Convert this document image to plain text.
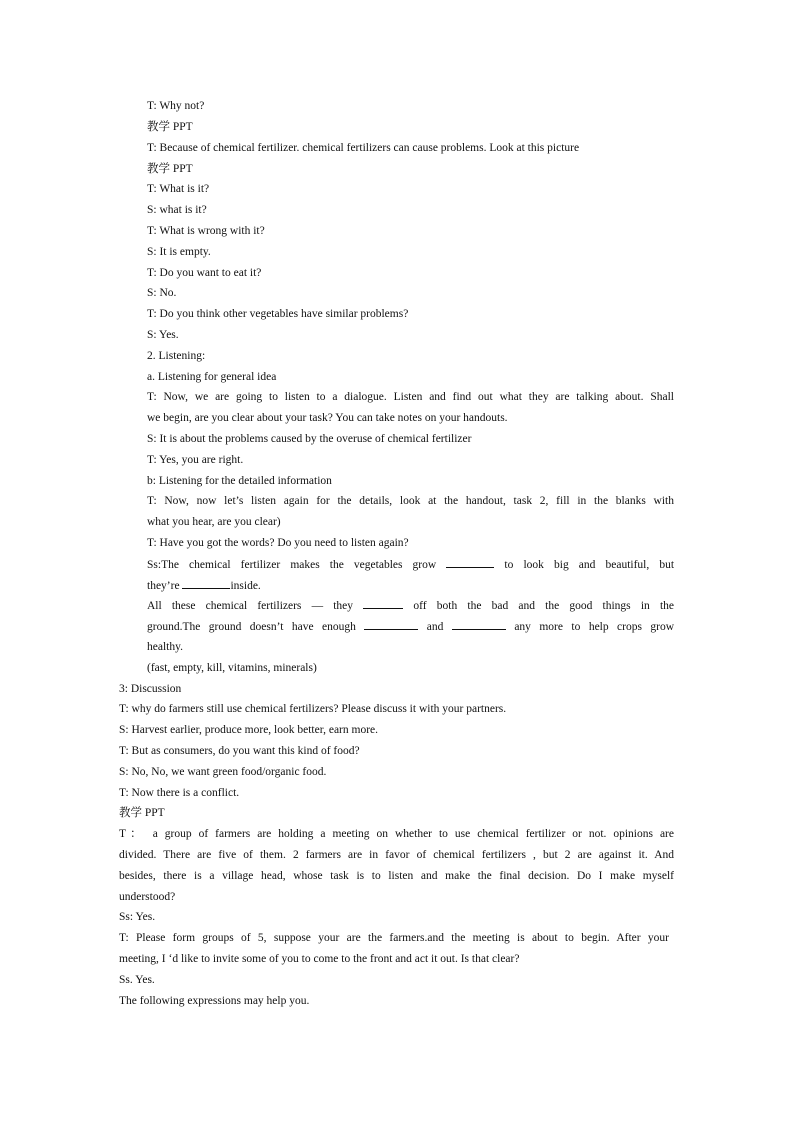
T: Why not?
教学 PPT
T: Because of chemical fertilizer. chemical fertilizers can cause problems. Look at this picture
教学 PPT
T: What is it?
S: what is it?
T: What is wrong with it?
S: It is empty.
T: Do you want to eat it?
S: No.
T: Do you think other vegetables have similar problems?
S: Yes.
2. Listening:
a. Listening for general idea
T: Now, we are going to listen to a dialogue. Listen and find out what they are talking about. Shall
we begin, are you clear about your task? You can take notes on your handouts.
S: It is about the problems caused by the overuse of chemical fertilizer
T: Yes, you are right.
b: Listening for the detailed information
T: Now, now let’s listen again for the details, look at the handout, task 2, fill in the blanks with
what you hear, are you clear)
T: Have you got the words? Do you need to listen again?
Ss:The chemical fertilizer makes the vegetables grow	to look big and beautiful, but
they’re	inside.
All these chemical fertilizers — they	off both the bad and the good things in the
ground.The ground doesn’t have enough	and	any more to help crops grow
healthy.
(fast, empty, kill, vitamins, minerals)
3: Discussion
T: why do farmers still use chemical fertilizers? Please discuss it with your partners.
S: Harvest earlier, produce more, look better, earn more.
T: But as consumers, do you want this kind of food?
S: No, No, we want green food/organic food.
T: Now there is a conflict.
教学 PPT
T： a group of farmers are holding a meeting on whether to use chemical fertilizer or not. opinions are
divided. There are five of them. 2 farmers are in favor of chemical fertilizers , but 2 are against it. And
besides, there is a village head, whose task is to listen and make the final decision. Do I make myself
understood?
Ss: Yes.
T: Please form groups of 5, suppose your are the farmers.and the meeting is about to begin. After your
meeting, I ‘d like to invite some of you to come to the front and act it out. Is that clear?
Ss. Yes.
The following expressions may help you.
